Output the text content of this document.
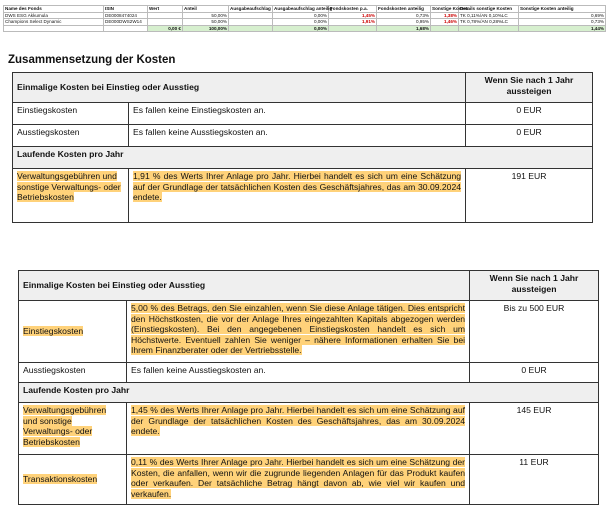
Name des Fonds	ISIN	Wert	Anteil	Ausgabeaufschlag	Ausgabeaufschlag anteilig	Fondskosten p.a.	Fondskosten anteilig	Sonstige Kosten	Details sonstige Kosten	Sonstige Kosten anteilig
DWS ESG Akkumula	DE0008474024		50,00%		0,00%	1,45%	0,73%	1,38%	TK 0,11%/AN 0,10%LC	0,69%
Champions Select Dynamic	DE000DWS2W14		50,00%		0,00%	1,91%	0,95%	1,46%	TK 0,78%/AN 0,28%LC	0,73%
		0,00 €	100,00%		0,00%		1,68%			1,44%
Zusammensetzung der Kosten
Einmalige Kosten bei Einstieg oder Ausstieg		Wenn Sie nach 1 Jahr aussteigen
Einstiegskosten	Es fallen keine Einstiegskosten an.	0 EUR
Ausstiegskosten	Es fallen keine Ausstiegskosten an.	0 EUR
Laufende Kosten pro Jahr		
Verwaltungsgebühren und sonstige Verwaltungs- oder Betriebskosten	1,91 % des Werts Ihrer Anlage pro Jahr. Hierbei handelt es sich um eine Schätzung auf der Grundlage der tatsächlichen Kosten des Geschäftsjahres, das am 30.09.2024 endete.	191 EUR
Einmalige Kosten bei Einstieg oder Ausstieg		Wenn Sie nach 1 Jahr aussteigen
Einstiegskosten	5,00 % des Betrags, den Sie einzahlen, wenn Sie diese Anlage tätigen. Dies entspricht den Höchstkosten, die vor der Anlage Ihres eingezahlten Kapitals abgezogen werden (Einstiegskosten). Bei den angegebenen Einstiegskosten handelt es sich um Höchstwerte. Eventuell zahlen Sie weniger – nähere Informationen erhalten Sie bei Ihrem Finanzberater oder der Vertriebsstelle.	Bis zu 500 EUR
Ausstiegskosten	Es fallen keine Ausstiegskosten an.	0 EUR
Laufende Kosten pro Jahr		
Verwaltungsgebühren und sonstige Verwaltungs- oder Betriebskosten	1,45 % des Werts Ihrer Anlage pro Jahr. Hierbei handelt es sich um eine Schätzung auf der Grundlage der tatsächlichen Kosten des Geschäftsjahres, das am 30.09.2024 endete.	145 EUR
Transaktionskosten	0,11 % des Werts Ihrer Anlage pro Jahr. Hierbei handelt es sich um eine Schätzung der Kosten, die anfallen, wenn wir die zugrunde liegenden Anlagen für das Produkt kaufen oder verkaufen. Der tatsächliche Betrag hängt davon ab, wie viel wir kaufen und verkaufen.	11 EUR
